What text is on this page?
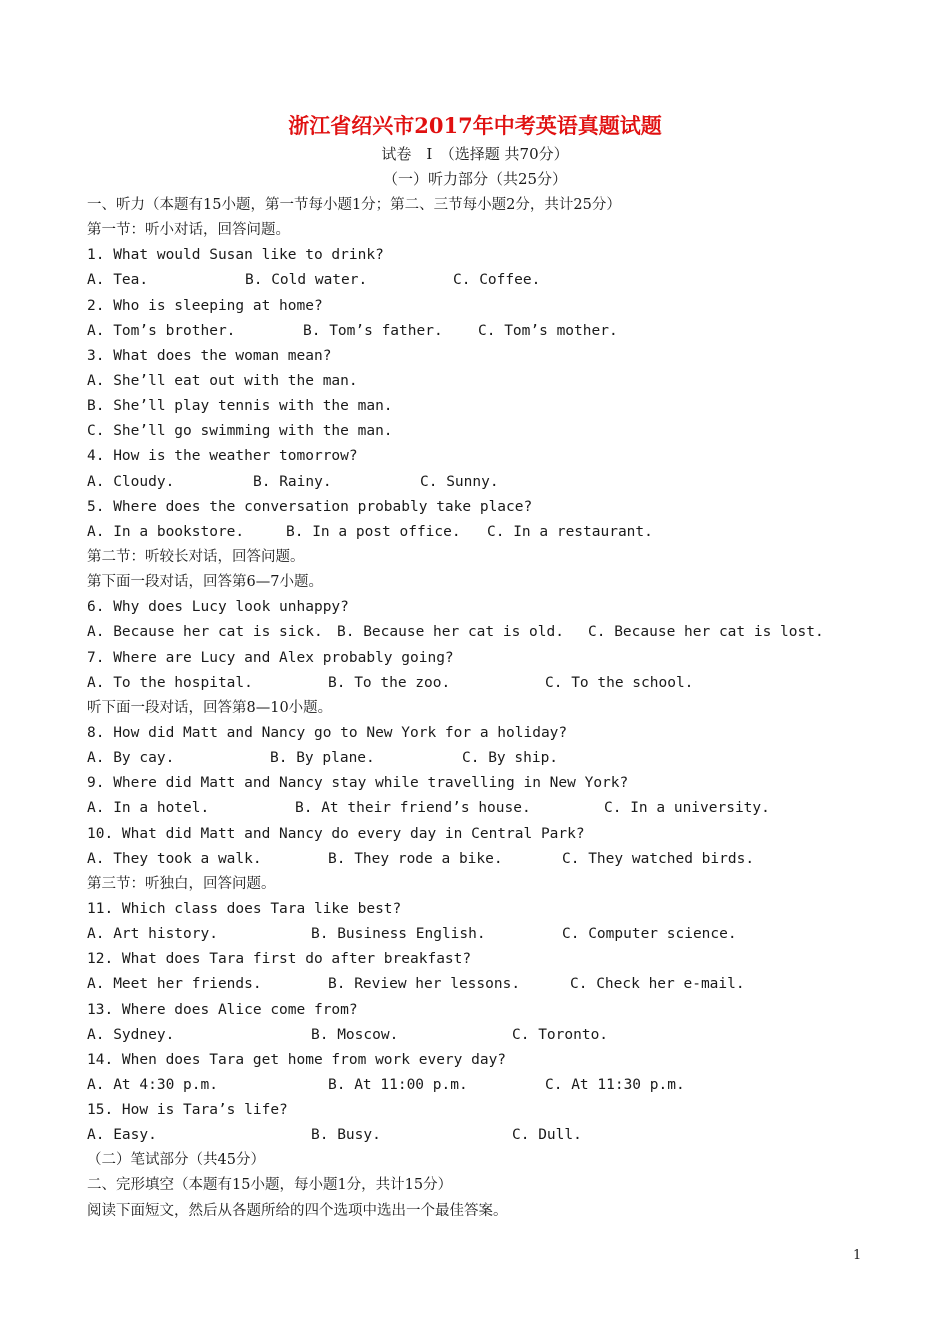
浙江省绍兴市2017年中考英语真题试题
试卷　Ⅰ　（选择题 共70分）
（一）听力部分（共25分）
一、听力（本题有15小题，第一节每小题1分；第二、三节每小题2分，共计25分）
第一节：听小对话，回答问题。
1. What would Susan like to drink?
A. Tea.	B. Cold water.	C. Coffee.
2. Who is sleeping at home?
A. Tom’s brother.	B. Tom’s father. C. Tom’s mother.
3. What does the woman mean?
A. She’ll eat out with the man.
B. She’ll play tennis with the man.
C. She’ll go swimming with the man.
4. How is the weather tomorrow?
A. Cloudy.	B. Rainy.	C. Sunny.
5. Where does the conversation probably take place?
A. In a bookstore.	B. In a post office. C. In a restaurant.
第二节：听较长对话，回答问题。
第下面一段对话，回答第6—7小题。
6. Why does Lucy look unhappy?
A. Because her cat is sick. B. Because her cat is old. C. Because her cat is lost.
7. Where are Lucy and Alex probably going?
A. To the hospital.	B. To the zoo.	C. To the school.
听下面一段对话，回答第8—10小题。
8. How did Matt and Nancy go to New York for a holiday?
A. By cay.	B. By plane.	C. By ship.
9. Where did Matt and Nancy stay while travelling in New York?
A. In a hotel.	B. At their friend’s house.	C. In a university.
10. What did Matt and Nancy do every day in Central Park?
A. They took a walk.	B. They rode a bike.	C. They watched birds.
第三节：听独白，回答问题。
11. Which class does Tara like best?
A. Art history.	B. Business English.	C. Computer science.
12. What does Tara first do after breakfast?
A. Meet her friends.	B. Review her lessons.	C. Check her e-mail.
13. Where does Alice come from?
A. Sydney.	B. Moscow.	C. Toronto.
14. When does Tara get home from work every day?
A. At 4:30 p.m.	B. At 11:00 p.m.	C. At 11:30 p.m.
15. How is Tara’s life?
A. Easy.	B. Busy.	C. Dull.
（二）笔试部分（共45分）
二、完形填空（本题有15小题，每小题1分，共计15分）
阅读下面短文，然后从各题所给的四个选项中选出一个最佳答案。
1
